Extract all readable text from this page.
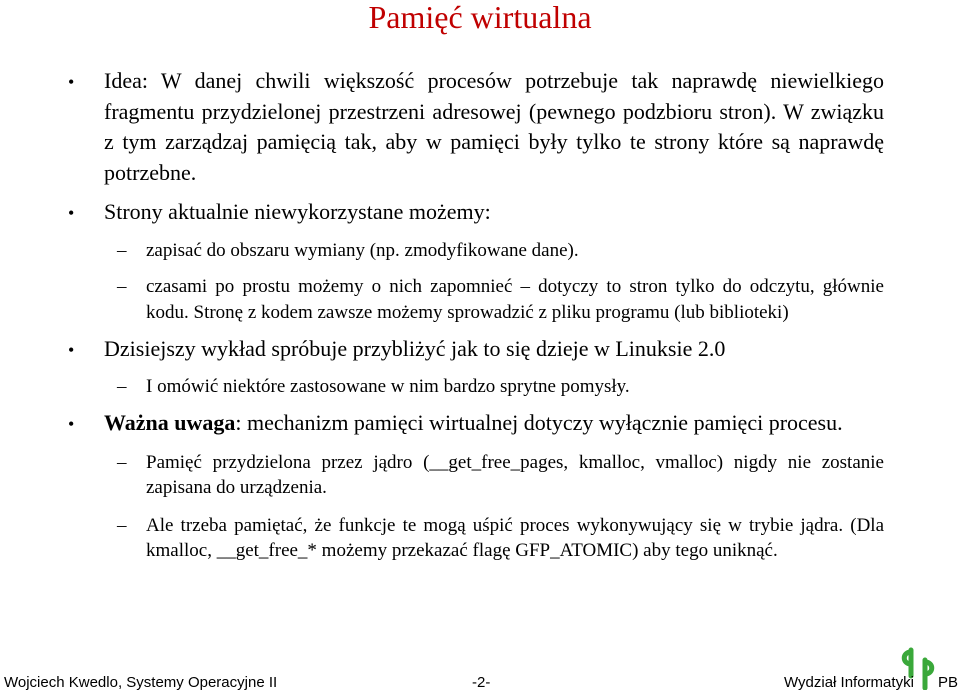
Pamięć wirtualna
• Idea: W danej chwili większość procesów potrzebuje tak naprawdę niewielkiego fragmentu przydzielonej przestrzeni adresowej (pewnego podzbioru stron). W związku z tym zarządzaj pamięcią tak, aby w pamięci były tylko te strony które są naprawdę potrzebne.
• Strony aktualnie niewykorzystane możemy:
– zapisać do obszaru wymiany (np. zmodyfikowane dane).
– czasami po prostu możemy o nich zapomnieć – dotyczy to stron tylko do odczytu, głównie kodu. Stronę z kodem zawsze możemy sprowadzić z pliku programu (lub biblioteki)
• Dzisiejszy wykład spróbuje przybliżyć jak to się dzieje w Linuksie 2.0
– I omówić niektóre zastosowane w nim bardzo sprytne pomysły.
• Ważna uwaga: mechanizm pamięci wirtualnej dotyczy wyłącznie pamięci procesu.
– Pamięć przydzielona przez jądro (__get_free_pages, kmalloc, vmalloc) nigdy nie zostanie zapisana do urządzenia.
– Ale trzeba pamiętać, że funkcje te mogą uśpić proces wykonywujący się w trybie jądra. (Dla kmalloc, __get_free_* możemy przekazać flagę GFP_ATOMIC) aby tego uniknąć.
Wojciech Kwedlo, Systemy Operacyjne II	-2-	Wydział Informatyki PB
